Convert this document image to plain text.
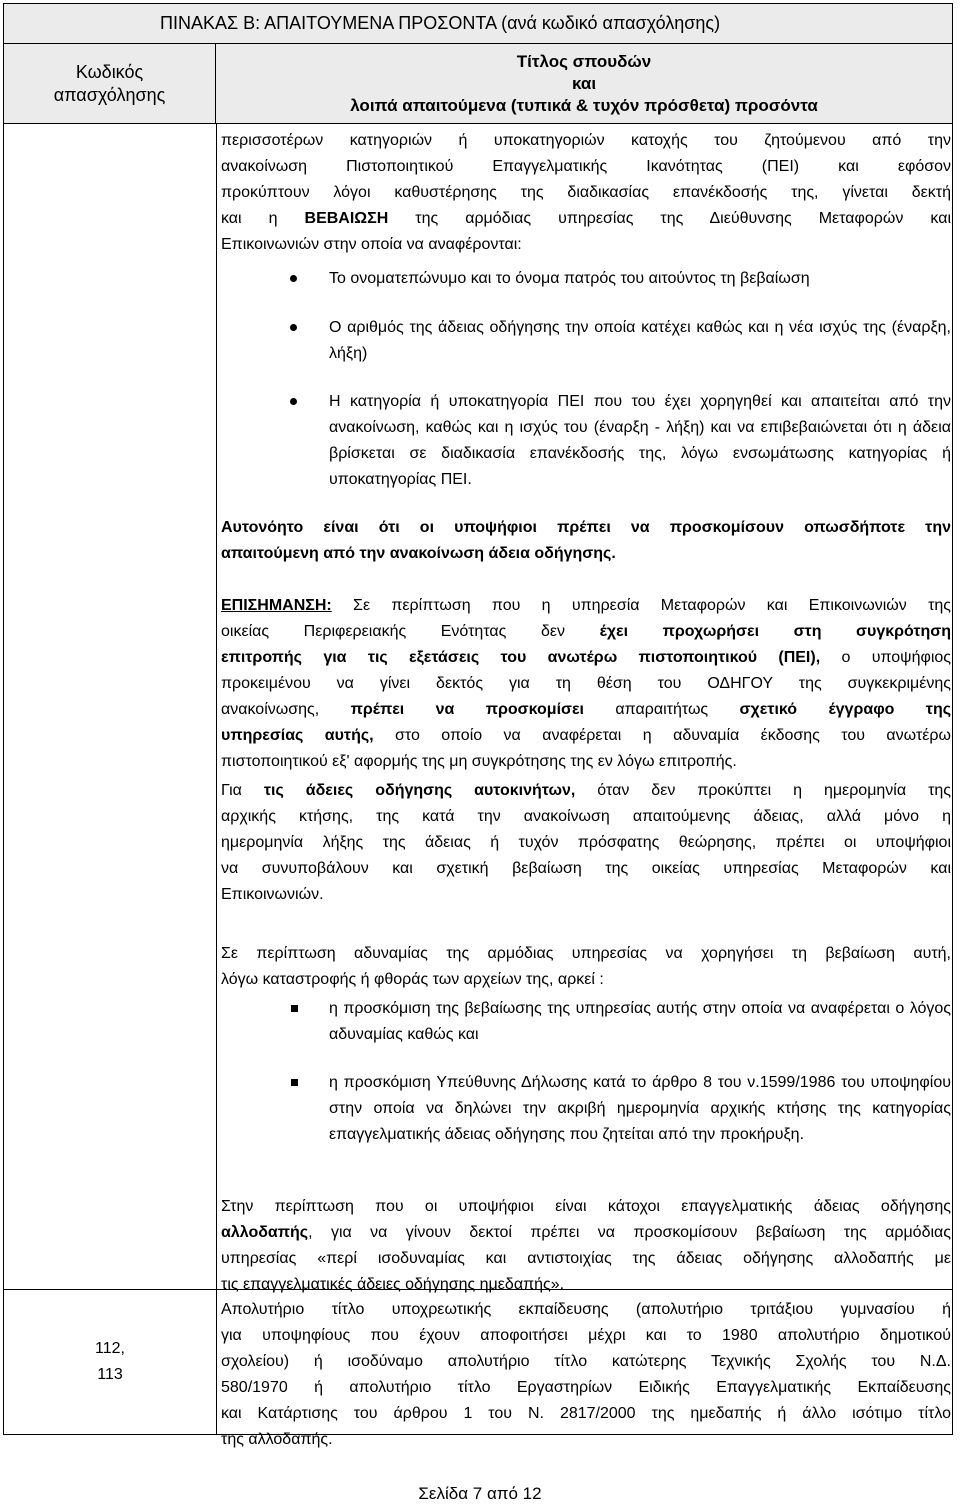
ΠΙΝΑΚΑΣ Β: ΑΠΑΙΤΟΥΜΕΝΑ ΠΡΟΣΟΝΤΑ (ανά κωδικό απασχόλησης)
Κωδικός
απασχόλησης
Τίτλος σπουδών
και
λοιπά απαιτούμενα (τυπικά & τυχόν πρόσθετα) προσόντα
112,
113
περισσοτέρων κατηγοριών ή υποκατηγοριών κατοχής του ζητούμενου από την
ανακοίνωση Πιστοποιητικού Επαγγελματικής Ικανότητας (ΠΕΙ) και εφόσον
προκύπτουν λόγοι καθυστέρησης της διαδικασίας επανέκδοσής της, γίνεται δεκτή
και η ΒΕΒΑΙΩΣΗ της αρμόδιας υπηρεσίας της Διεύθυνσης Μεταφορών και
Επικοινωνιών στην οποία να αναφέρονται:
Το ονοματεπώνυμο και το όνομα πατρός του αιτούντος τη βεβαίωση
Ο αριθμός της άδειας οδήγησης την οποία κατέχει καθώς και η νέα ισχύς της (έναρξη, λήξη)
Η κατηγορία ή υποκατηγορία ΠΕΙ που του έχει χορηγηθεί και απαιτείται από την ανακοίνωση, καθώς και η ισχύς του (έναρξη - λήξη) και να επιβεβαιώνεται ότι η άδεια βρίσκεται σε διαδικασία επανέκδοσής της, λόγω ενσωμάτωσης κατηγορίας ή υποκατηγορίας ΠΕΙ.
Αυτονόητο είναι ότι οι υποψήφιοι πρέπει να προσκομίσουν οπωσδήποτε την
απαιτούμενη από την ανακοίνωση άδεια οδήγησης.
ΕΠΙΣΗΜΑΝΣΗ: Σε περίπτωση που η υπηρεσία Μεταφορών και Επικοινωνιών της
οικείας Περιφερειακής Ενότητας δεν έχει προχωρήσει στη συγκρότηση
επιτροπής για τις εξετάσεις του ανωτέρω πιστοποιητικού (ΠΕΙ), ο υποψήφιος
προκειμένου να γίνει δεκτός για τη θέση του ΟΔΗΓΟΥ της συγκεκριμένης
ανακοίνωσης, πρέπει να προσκομίσει απαραιτήτως σχετικό έγγραφο της
υπηρεσίας αυτής, στο οποίο να αναφέρεται η αδυναμία έκδοσης του ανωτέρω
πιστοποιητικού εξ' αφορμής της μη συγκρότησης της εν λόγω επιτροπής.
Για τις άδειες οδήγησης αυτοκινήτων, όταν δεν προκύπτει η ημερομηνία της
αρχικής κτήσης, της κατά την ανακοίνωση απαιτούμενης άδειας, αλλά μόνο η
ημερομηνία λήξης της άδειας ή τυχόν πρόσφατης θεώρησης, πρέπει οι υποψήφιοι
να συνυποβάλουν και σχετική βεβαίωση της οικείας υπηρεσίας Μεταφορών και
Επικοινωνιών.
Σε περίπτωση αδυναμίας της αρμόδιας υπηρεσίας να χορηγήσει τη βεβαίωση αυτή,
λόγω καταστροφής ή φθοράς των αρχείων της, αρκεί :
η προσκόμιση της βεβαίωσης της υπηρεσίας αυτής στην οποία να αναφέρεται ο λόγος αδυναμίας καθώς και
η προσκόμιση Υπεύθυνης Δήλωσης κατά το άρθρο 8 του ν.1599/1986 του υποψηφίου στην οποία να δηλώνει την ακριβή ημερομηνία αρχικής κτήσης της κατηγορίας επαγγελματικής άδειας οδήγησης που ζητείται από την προκήρυξη.
Στην περίπτωση που οι υποψήφιοι είναι κάτοχοι επαγγελματικής άδειας οδήγησης
αλλοδαπής, για να γίνουν δεκτοί πρέπει να προσκομίσουν βεβαίωση της αρμόδιας
υπηρεσίας «περί ισοδυναμίας και αντιστοιχίας της άδειας οδήγησης αλλοδαπής με
τις επαγγελματικές άδειες οδήγησης ημεδαπής».
Απολυτήριο τίτλο υποχρεωτικής εκπαίδευσης (απολυτήριο τριτάξιου γυμνασίου ή
για υποψηφίους που έχουν αποφοιτήσει μέχρι και το 1980 απολυτήριο δημοτικού
σχολείου) ή ισοδύναμο απολυτήριο τίτλο κατώτερης Τεχνικής Σχολής του Ν.Δ.
580/1970 ή απολυτήριο τίτλο Εργαστηρίων Ειδικής Επαγγελματικής Εκπαίδευσης
και Κατάρτισης του άρθρου 1 του Ν. 2817/2000 της ημεδαπής ή άλλο ισότιμο τίτλο
της αλλοδαπής.
Σελίδα 7 από 12
